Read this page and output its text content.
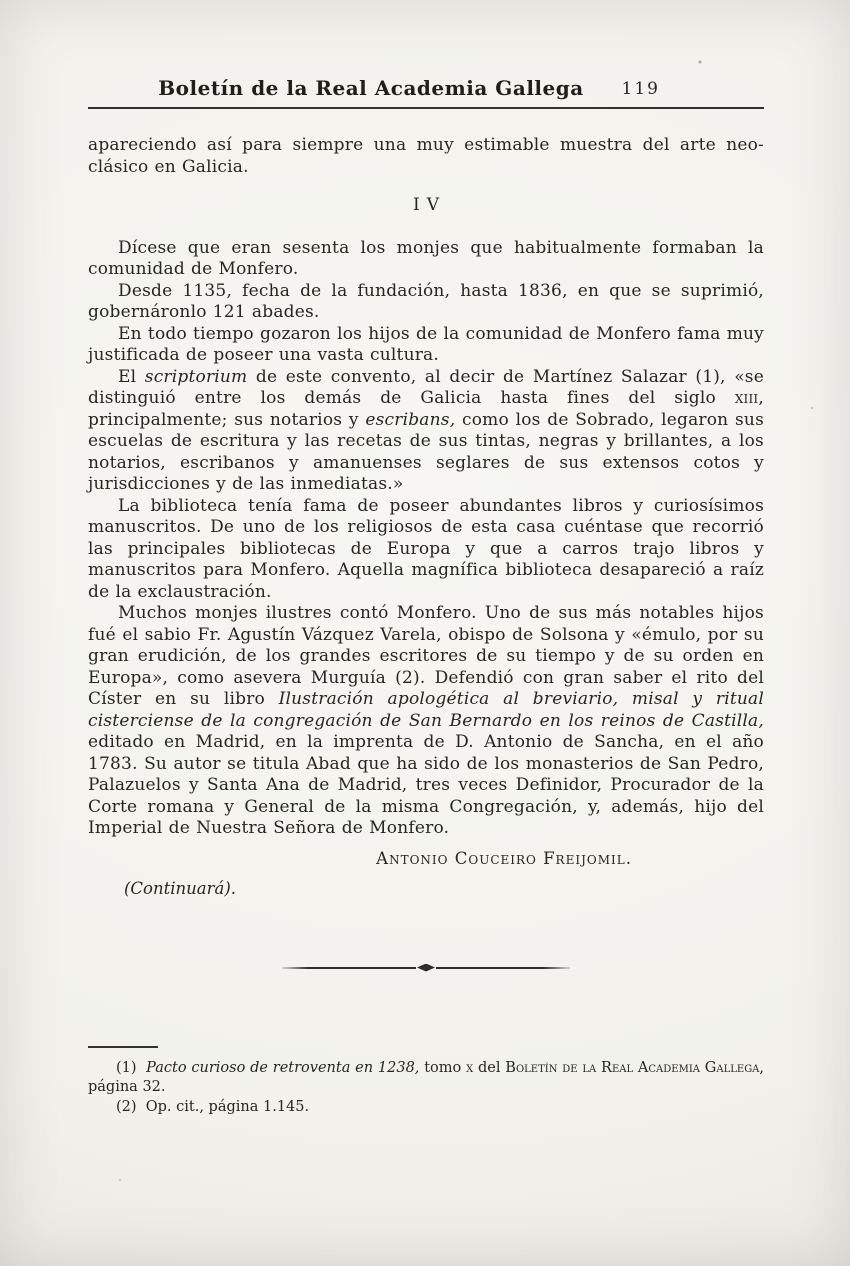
Boletín de la Real Academia Gallega 119

apareciendo así para siempre una muy estimable muestra del arte neo-clásico en Galicia.

IV

Dícese que eran sesenta los monjes que habitualmente formaban la comunidad de Monfero.

Desde 1135, fecha de la fundación, hasta 1836, en que se suprimió, gobernáronlo 121 abades.

En todo tiempo gozaron los hijos de la comunidad de Monfero fama muy justificada de poseer una vasta cultura.

El scriptorium de este convento, al decir de Martínez Salazar (1), «se distinguió entre los demás de Galicia hasta fines del siglo xiii, principalmente; sus notarios y escribans, como los de Sobrado, legaron sus escuelas de escritura y las recetas de sus tintas, negras y brillantes, a los notarios, escribanos y amanuenses seglares de sus extensos cotos y jurisdicciones y de las inmediatas.»

La biblioteca tenía fama de poseer abundantes libros y curiosísimos manuscritos. De uno de los religiosos de esta casa cuéntase que recorrió las principales bibliotecas de Europa y que a carros trajo libros y manuscritos para Monfero. Aquella magnífica biblioteca desapareció a raíz de la exclaustración.

Muchos monjes ilustres contó Monfero. Uno de sus más notables hijos fué el sabio Fr. Agustín Vázquez Varela, obispo de Solsona y «émulo, por su gran erudición, de los grandes escritores de su tiempo y de su orden en Europa», como asevera Murguía (2). Defendió con gran saber el rito del Císter en su libro Ilustración apologética al breviario, misal y ritual cisterciense de la congregación de San Bernardo en los reinos de Castilla, editado en Madrid, en la imprenta de D. Antonio de Sancha, en el año 1783. Su autor se titula Abad que ha sido de los monasterios de San Pedro, Palazuelos y Santa Ana de Madrid, tres veces Definidor, Procurador de la Corte romana y General de la misma Congregación, y, además, hijo del Imperial de Nuestra Señora de Monfero.

Antonio Couceiro Freijomil.
(Continuará).

(1)  Pacto curioso de retroventa en 1238, tomo x del Boletín de la Real Academia Gallega, página 32.

(2)  Op. cit., página 1.145.
